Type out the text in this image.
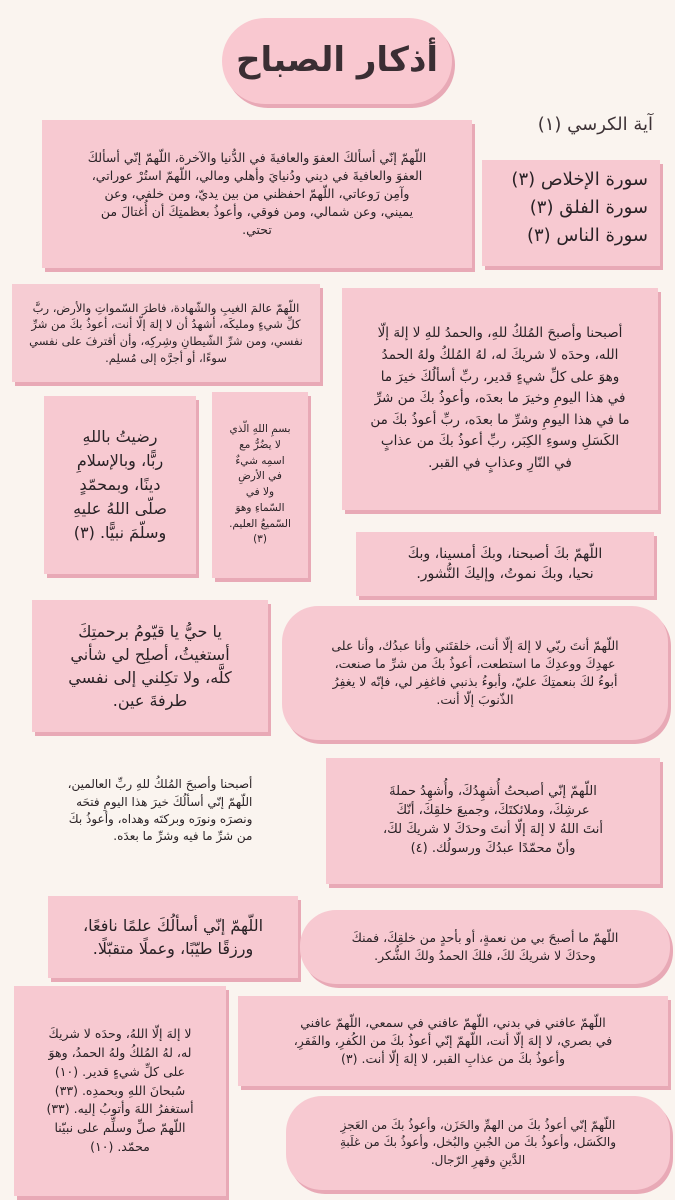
أذكار الصباح
آية الكرسي (١)
سورة الإخلاص (٣)
سورة الفلق (٣)
سورة الناس (٣)
اللّهمّ إنّي أسألكَ العفوَ والعافيةَ في الدُّنيا والآخرة، اللّهمّ إنّي أسألكَ
العفوَ والعافيةَ في ديني ودُنيايَ وأهلي ومالي، اللّهمّ استُرْ عوراتي،
وآمِن رَوعاتي، اللّهمّ احفظني من بين يديّ، ومن خلفي، وعن
يميني، وعن شمالي، ومن فوقي، وأعوذُ بعظمتِكَ أن أُغتالَ من
تحتي.
اللّهمّ عالمَ الغيبِ والشّهادة، فاطرَ السّمواتِ والأرض، ربَّ
كلِّ شيءٍ ومليكَه، أشهدُ أن لا إلهَ إلّا أنت، أعوذُ بكَ من شرِّ
نفسي، ومن شرِّ الشّيطانِ وشِركِه، وأن أقترفَ على نفسي
سوءًا، أو أجرَّه إلى مُسلِم.
أصبحنا وأصبحَ المُلكُ للهِ، والحمدُ للهِ لا إلهَ إلّا
الله، وحدَه لا شريكَ له، لهُ المُلكُ ولهُ الحمدُ
وهوَ على كلِّ شيءٍ قدير، ربِّ أسألُكَ خيرَ ما
في هذا اليومِ وخيرَ ما بعدَه، وأعوذُ بكَ من شرِّ
ما في هذا اليومِ وشرِّ ما بعدَه، ربِّ أعوذُ بكَ من
الكَسَلِ وسوءِ الكِبَر، ربِّ أعوذُ بكَ من عذابٍ
في النّارِ وعذابٍ في القبر.
رضيتُ باللهِ
ربًّا، وبالإسلامِ
دينًا، وبمحمّدٍ
صلّى اللهُ عليهِ
وسلّمَ نبيًّا. (٣)
بسمِ اللهِ الّذي
لا يضُرُّ مع
اسمِه شيءٌ
في الأرضِ
ولا في
السّماءِ وهوَ
السّميعُ العليم.
(٣)
اللّهمّ بكَ أصبحنا، وبكَ أمسينا، وبكَ
نحيا، وبكَ نموتُ، وإليكَ النُّشور.
يا حيُّ يا قيّومُ برحمتِكَ
أستغيثُ، أصلِح لي شأني
كلَّه، ولا تكِلني إلى نفسي
طرفةَ عين.
اللّهمّ أنتَ ربّي لا إلهَ إلّا أنت، خلقتَني وأنا عبدُك، وأنا على
عهدِكَ ووعدِكَ ما استطعت، أعوذُ بكَ من شرِّ ما صنعت،
أبوءُ لكَ بنعمتِكَ عليّ، وأبوءُ بذنبي فاغفِر لي، فإنّه لا يغفِرُ
الذّنوبَ إلّا أنت.
أصبحنا وأصبحَ المُلكُ للهِ ربِّ العالمين،
اللّهمّ إنّي أسألُكَ خيرَ هذا اليومِ فتحَه
ونصرَه ونورَه وبركتَه وهداه، وأعوذُ بكَ
من شرِّ ما فيه وشرِّ ما بعدَه.
اللّهمّ إنّي أصبحتُ أُشهِدُكَ، وأُشهِدُ حملةَ
عرشِكَ، وملائكتَكَ، وجميعَ خلقِكَ، أنّكَ
أنتَ اللهُ لا إلهَ إلّا أنتَ وحدَكَ لا شريكَ لكَ،
وأنّ محمّدًا عبدُكَ ورسولُك. (٤)
اللّهمّ إنّي أسألُكَ علمًا نافعًا،
ورزقًا طيّبًا، وعملًا متقبّلًا.
اللّهمّ ما أصبحَ بي من نعمةٍ، أو بأحدٍ من خلقِكَ، فمنكَ
وحدَكَ لا شريكَ لكَ، فلكَ الحمدُ ولكَ الشُّكر.
لا إلهَ إلّا اللهُ، وحدَه لا شريكَ
له، لهُ المُلكُ ولهُ الحمدُ، وهوَ
على كلِّ شيءٍ قدير. (١٠)
سُبحانَ اللهِ وبحمدِه. (٣٣)
أستغفرُ اللهَ وأتوبُ إليه. (٣٣)
اللّهمّ صلِّ وسلِّم على نبيّنا
محمّد. (١٠)
اللّهمّ عافني في بدني، اللّهمّ عافني في سمعي، اللّهمّ عافني
في بصري، لا إلهَ إلّا أنت، اللّهمّ إنّي أعوذُ بكَ من الكُفرِ، والفَقرِ،
وأعوذُ بكَ من عذابِ القبر، لا إلهَ إلّا أنت. (٣)
اللّهمّ إنّي أعوذُ بكَ من الهمِّ والحَزَن، وأعوذُ بكَ من العَجزِ
والكَسَل، وأعوذُ بكَ من الجُبنِ والبُخل، وأعوذُ بكَ من غلَبةِ
الدَّينِ وقهرِ الرّجال.
